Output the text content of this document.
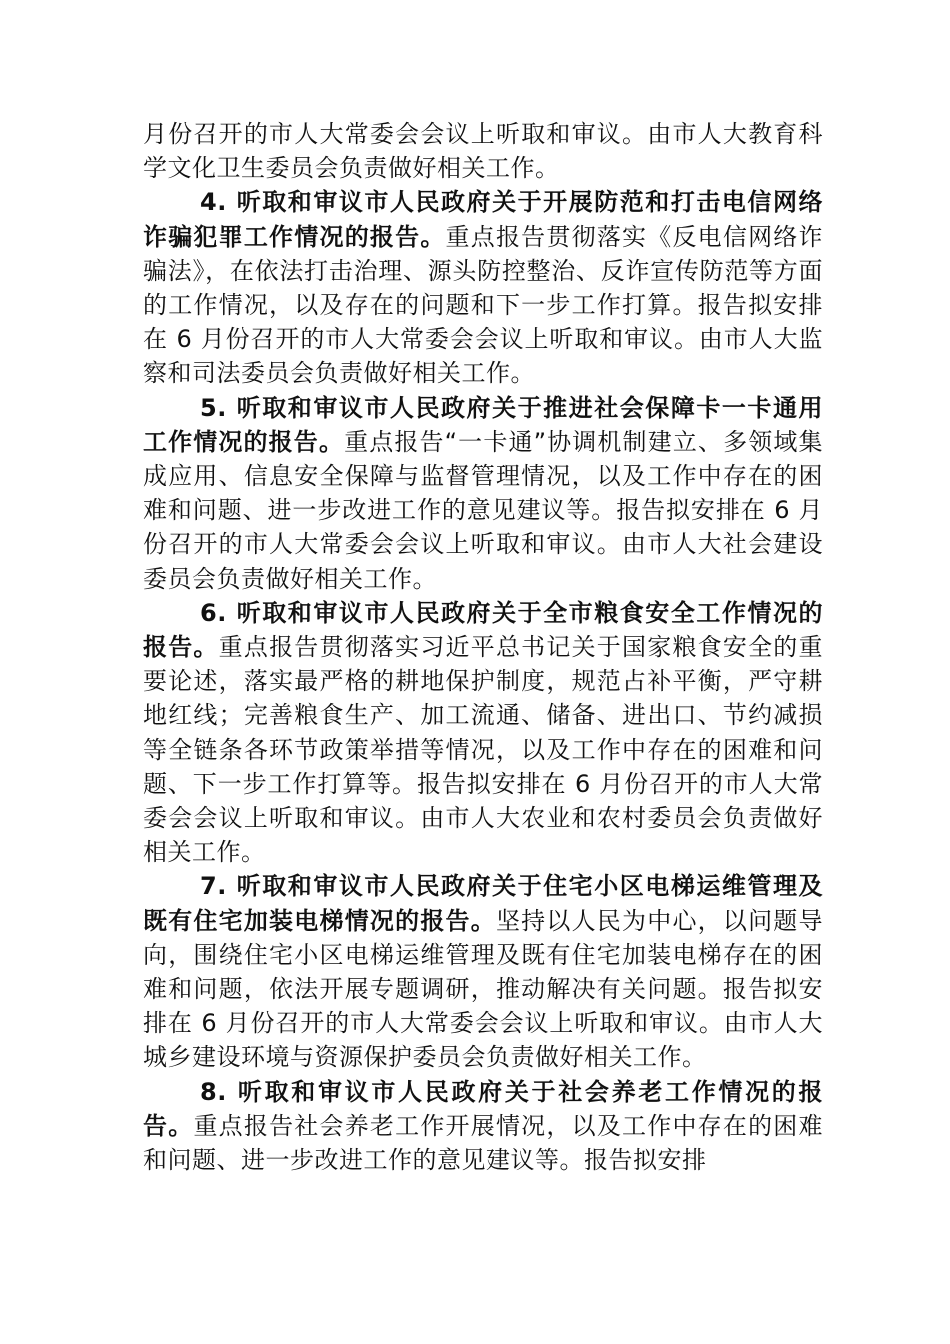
月份召开的市人大常委会会议上听取和审议。由市人大教育科学文化卫生委员会负责做好相关工作。

4. 听取和审议市人民政府关于开展防范和打击电信网络诈骗犯罪工作情况的报告。重点报告贯彻落实《反电信网络诈骗法》，在依法打击治理、源头防控整治、反诈宣传防范等方面的工作情况，以及存在的问题和下一步工作打算。报告拟安排在 6 月份召开的市人大常委会会议上听取和审议。由市人大监察和司法委员会负责做好相关工作。

5. 听取和审议市人民政府关于推进社会保障卡一卡通用工作情况的报告。重点报告“一卡通”协调机制建立、多领域集成应用、信息安全保障与监督管理情况，以及工作中存在的困难和问题、进一步改进工作的意见建议等。报告拟安排在 6 月份召开的市人大常委会会议上听取和审议。由市人大社会建设委员会负责做好相关工作。

6. 听取和审议市人民政府关于全市粮食安全工作情况的报告。重点报告贯彻落实习近平总书记关于国家粮食安全的重要论述，落实最严格的耕地保护制度，规范占补平衡，严守耕地红线；完善粮食生产、加工流通、储备、进出口、节约减损等全链条各环节政策举措等情况，以及工作中存在的困难和问题、下一步工作打算等。报告拟安排在 6 月份召开的市人大常委会会议上听取和审议。由市人大农业和农村委员会负责做好相关工作。

7. 听取和审议市人民政府关于住宅小区电梯运维管理及既有住宅加装电梯情况的报告。坚持以人民为中心，以问题导向，围绕住宅小区电梯运维管理及既有住宅加装电梯存在的困难和问题，依法开展专题调研，推动解决有关问题。报告拟安排在 6 月份召开的市人大常委会会议上听取和审议。由市人大城乡建设环境与资源保护委员会负责做好相关工作。

8. 听取和审议市人民政府关于社会养老工作情况的报告。重点报告社会养老工作开展情况，以及工作中存在的困难和问题、进一步改进工作的意见建议等。报告拟安排
